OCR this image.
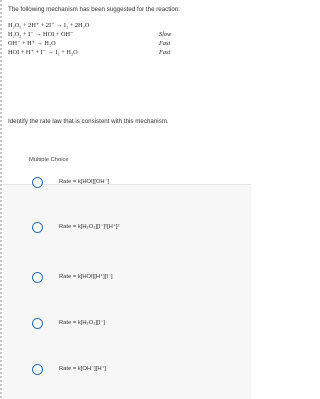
The following mechanism has been suggested for the reaction:
H₂O₂ + 2H⁺ + 2I⁻ → I₂ + 2H₂O
H₂O₂ + I⁻ → HOI + OH⁻	Slow
OH⁻ + H⁺ → H₂O	Fast
HOI + H⁺ + I⁻ → I₂ + H₂O	Fast
Identify the rate law that is consistent with this mechanism.
Multiple Choice
Rate = k[HOI][OH⁻]
Rate = k[H₂O₂][I⁻]²[H⁺]²
Rate = k[HOI][H⁺][I⁻]
Rate = k[H₂O₂][I⁻]
Rate = k[OH⁻][H⁺]
